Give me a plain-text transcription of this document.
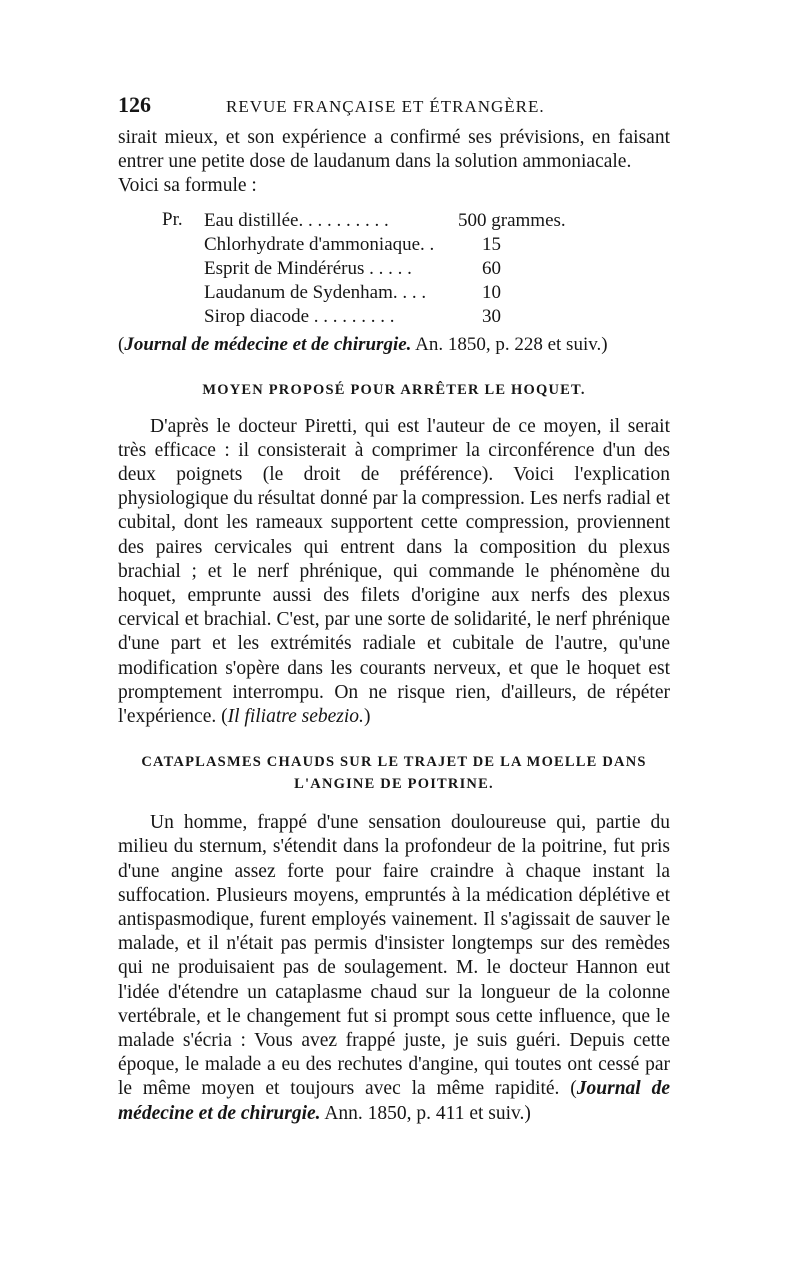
126	REVUE FRANÇAISE ET ÉTRANGÈRE.
sirait mieux, et son expérience a confirmé ses prévisions, en faisant
entrer une petite dose de laudanum dans la solution ammoniacale.
Voici sa formule :
Pr.	Eau distillée. . . . . . . . . .	500 grammes.
Chlorhydrate d'ammoniaque. .	15
Esprit de Mindérérus . . . . .	60
Laudanum de Sydenham. . . .	10
Sirop diacode . . . . . . . . .	30
(Journal de médecine et de chirurgie. An. 1850, p. 228 et suiv.)
MOYEN PROPOSÉ POUR ARRÊTER LE HOQUET.

D'après le docteur Piretti, qui est l'auteur de ce moyen, il serait très efficace : il consisterait à comprimer la circonférence d'un des deux poignets (le droit de préférence). Voici l'explication physiologique du résultat donné par la compression. Les nerfs radial et cubital, dont les rameaux supportent cette compression, proviennent des paires cervicales qui entrent dans la composition du plexus brachial ; et le nerf phrénique, qui commande le phénomène du hoquet, emprunte aussi des filets d'origine aux nerfs des plexus cervical et brachial. C'est, par une sorte de solidarité, le nerf phrénique d'une part et les extrémités radiale et cubitale de l'autre, qu'une modification s'opère dans les courants nerveux, et que le hoquet est promptement interrompu. On ne risque rien, d'ailleurs, de répéter l'expérience. (Il filiatre sebezio.)

CATAPLASMES CHAUDS SUR LE TRAJET DE LA MOELLE DANS
L'ANGINE DE POITRINE.

Un homme, frappé d'une sensation douloureuse qui, partie du milieu du sternum, s'étendit dans la profondeur de la poitrine, fut pris d'une angine assez forte pour faire craindre à chaque instant la suffocation. Plusieurs moyens, empruntés à la médication déplétive et antispasmodique, furent employés vainement. Il s'agissait de sauver le malade, et il n'était pas permis d'insister longtemps sur des remèdes qui ne produisaient pas de soulagement. M. le docteur Hannon eut l'idée d'étendre un cataplasme chaud sur la longueur de la colonne vertébrale, et le changement fut si prompt sous cette influence, que le malade s'écria : Vous avez frappé juste, je suis guéri. Depuis cette époque, le malade a eu des rechutes d'angine, qui toutes ont cessé par le même moyen et toujours avec la même rapidité. (Journal de médecine et de chirurgie. Ann. 1850, p. 411 et suiv.)
